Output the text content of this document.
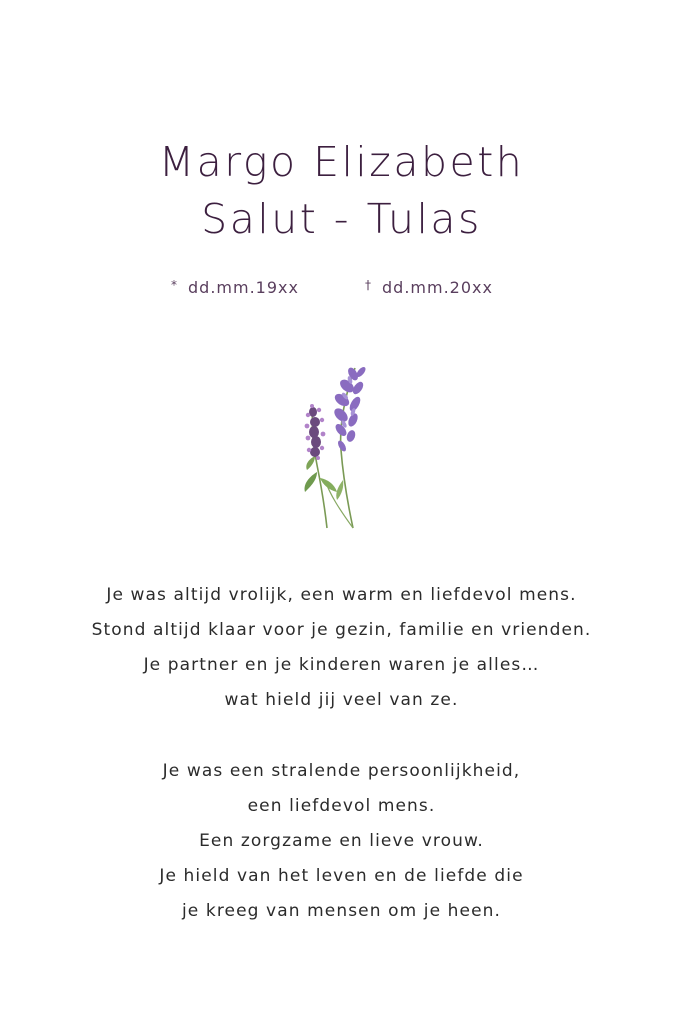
Margo Elizabeth
Salut - Tulas
* dd.mm.19xx	† dd.mm.20xx
Je was altijd vrolijk, een warm en liefdevol mens.
Stond altijd klaar voor je gezin, familie en vrienden.
Je partner en je kinderen waren je alles…
wat hield jij veel van ze.
Je was een stralende persoonlijkheid,
een liefdevol mens.
Een zorgzame en lieve vrouw.
Je hield van het leven en de liefde die
je kreeg van mensen om je heen.
